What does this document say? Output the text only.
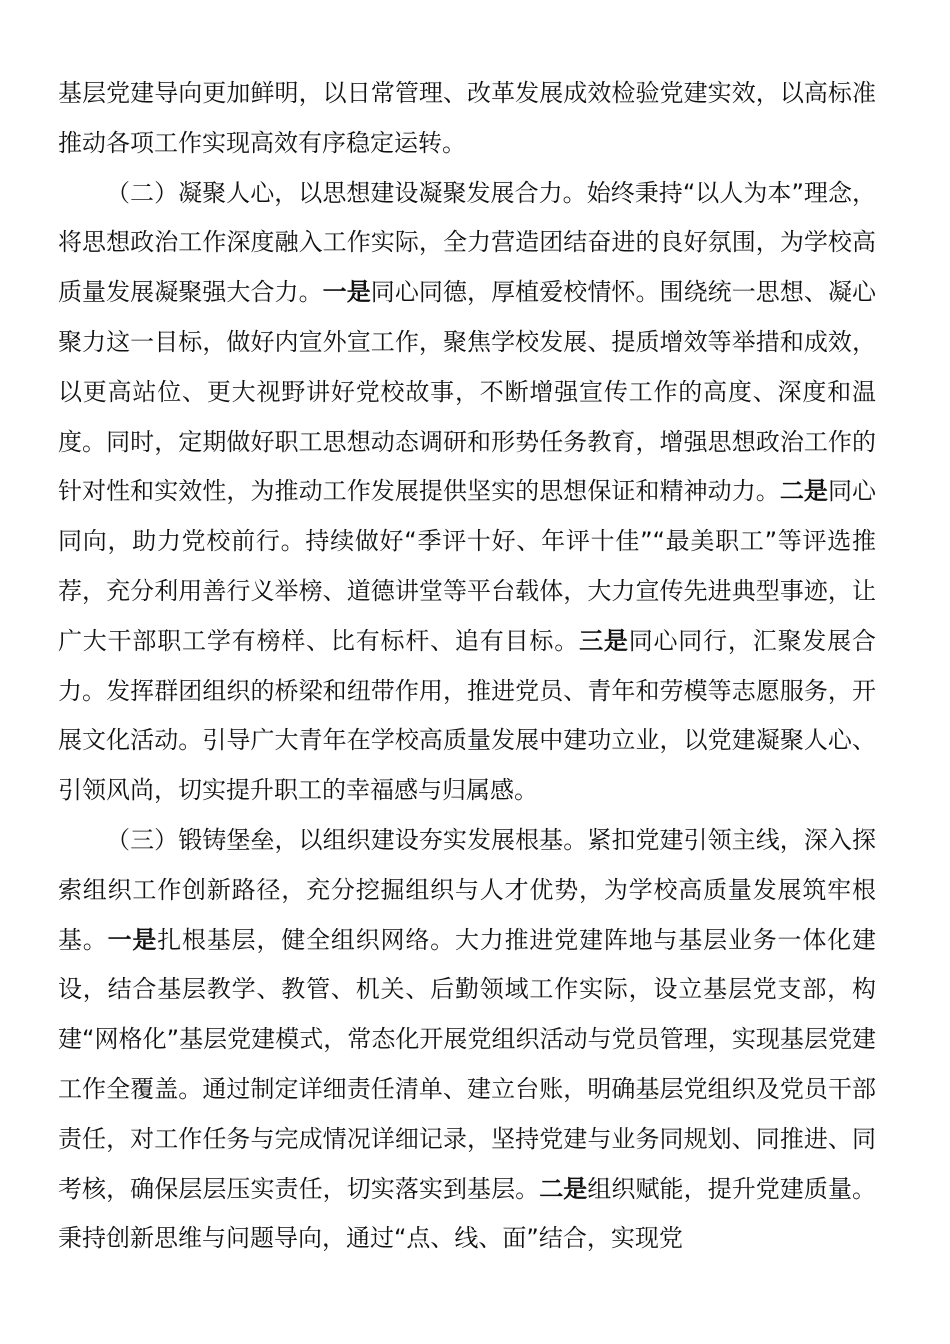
基层党建导向更加鲜明，以日常管理、改革发展成效检验党建实效，以高标准推动各项工作实现高效有序稳定运转。

（二）凝聚人心，以思想建设凝聚发展合力。始终秉持“以人为本”理念，将思想政治工作深度融入工作实际，全力营造团结奋进的良好氛围，为学校高质量发展凝聚强大合力。一是同心同德，厚植爱校情怀。围绕统一思想、凝心聚力这一目标，做好内宣外宣工作，聚焦学校发展、提质增效等举措和成效，以更高站位、更大视野讲好党校故事，不断增强宣传工作的高度、深度和温度。同时，定期做好职工思想动态调研和形势任务教育，增强思想政治工作的针对性和实效性，为推动工作发展提供坚实的思想保证和精神动力。二是同心同向，助力党校前行。持续做好“季评十好、年评十佳”“最美职工”等评选推荐，充分利用善行义举榜、道德讲堂等平台载体，大力宣传先进典型事迹，让广大干部职工学有榜样、比有标杆、追有目标。三是同心同行，汇聚发展合力。发挥群团组织的桥梁和纽带作用，推进党员、青年和劳模等志愿服务，开展文化活动。引导广大青年在学校高质量发展中建功立业，以党建凝聚人心、引领风尚，切实提升职工的幸福感与归属感。

（三）锻铸堡垒，以组织建设夯实发展根基。紧扣党建引领主线，深入探索组织工作创新路径，充分挖掘组织与人才优势，为学校高质量发展筑牢根基。一是扎根基层，健全组织网络。大力推进党建阵地与基层业务一体化建设，结合基层教学、教管、机关、后勤领域工作实际，设立基层党支部，构建“网格化”基层党建模式，常态化开展党组织活动与党员管理，实现基层党建工作全覆盖。通过制定详细责任清单、建立台账，明确基层党组织及党员干部责任，对工作任务与完成情况详细记录，坚持党建与业务同规划、同推进、同考核，确保层层压实责任，切实落实到基层。二是组织赋能，提升党建质量。秉持创新思维与问题导向，通过“点、线、面”结合，实现党
